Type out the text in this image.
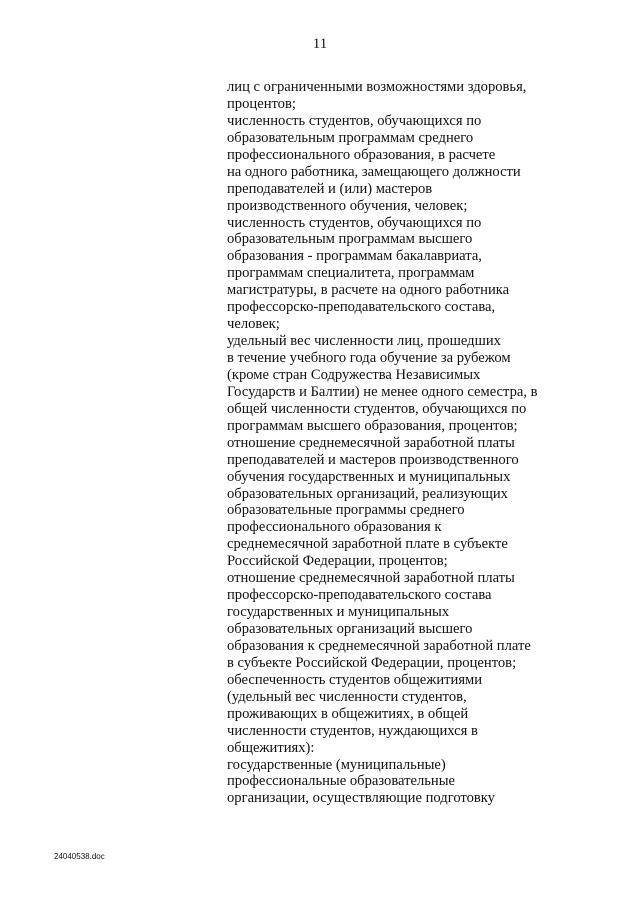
11
лиц с ограниченными возможностями здоровья,
процентов;
численность студентов, обучающихся по
образовательным программам среднего
профессионального образования, в расчете
на одного работника, замещающего должности
преподавателей и (или) мастеров
производственного обучения, человек;
численность студентов, обучающихся по
образовательным программам высшего
образования - программам бакалавриата,
программам специалитета, программам
магистратуры, в расчете на одного работника
профессорско-преподавательского состава,
человек;
удельный вес численности лиц, прошедших
в течение учебного года обучение за рубежом
(кроме стран Содружества Независимых
Государств и Балтии) не менее одного семестра, в
общей численности студентов, обучающихся по
программам высшего образования, процентов;
отношение среднемесячной заработной платы
преподавателей и мастеров производственного
обучения государственных и муниципальных
образовательных организаций, реализующих
образовательные программы среднего
профессионального образования к
среднемесячной заработной плате в субъекте
Российской Федерации, процентов;
отношение среднемесячной заработной платы
профессорско-преподавательского состава
государственных и муниципальных
образовательных организаций высшего
образования к среднемесячной заработной плате
в субъекте Российской Федерации, процентов;
обеспеченность студентов общежитиями
(удельный вес численности студентов,
проживающих в общежитиях, в общей
численности студентов, нуждающихся в
общежитиях):
государственные (муниципальные)
профессиональные образовательные
организации, осуществляющие подготовку
24040538.doc
